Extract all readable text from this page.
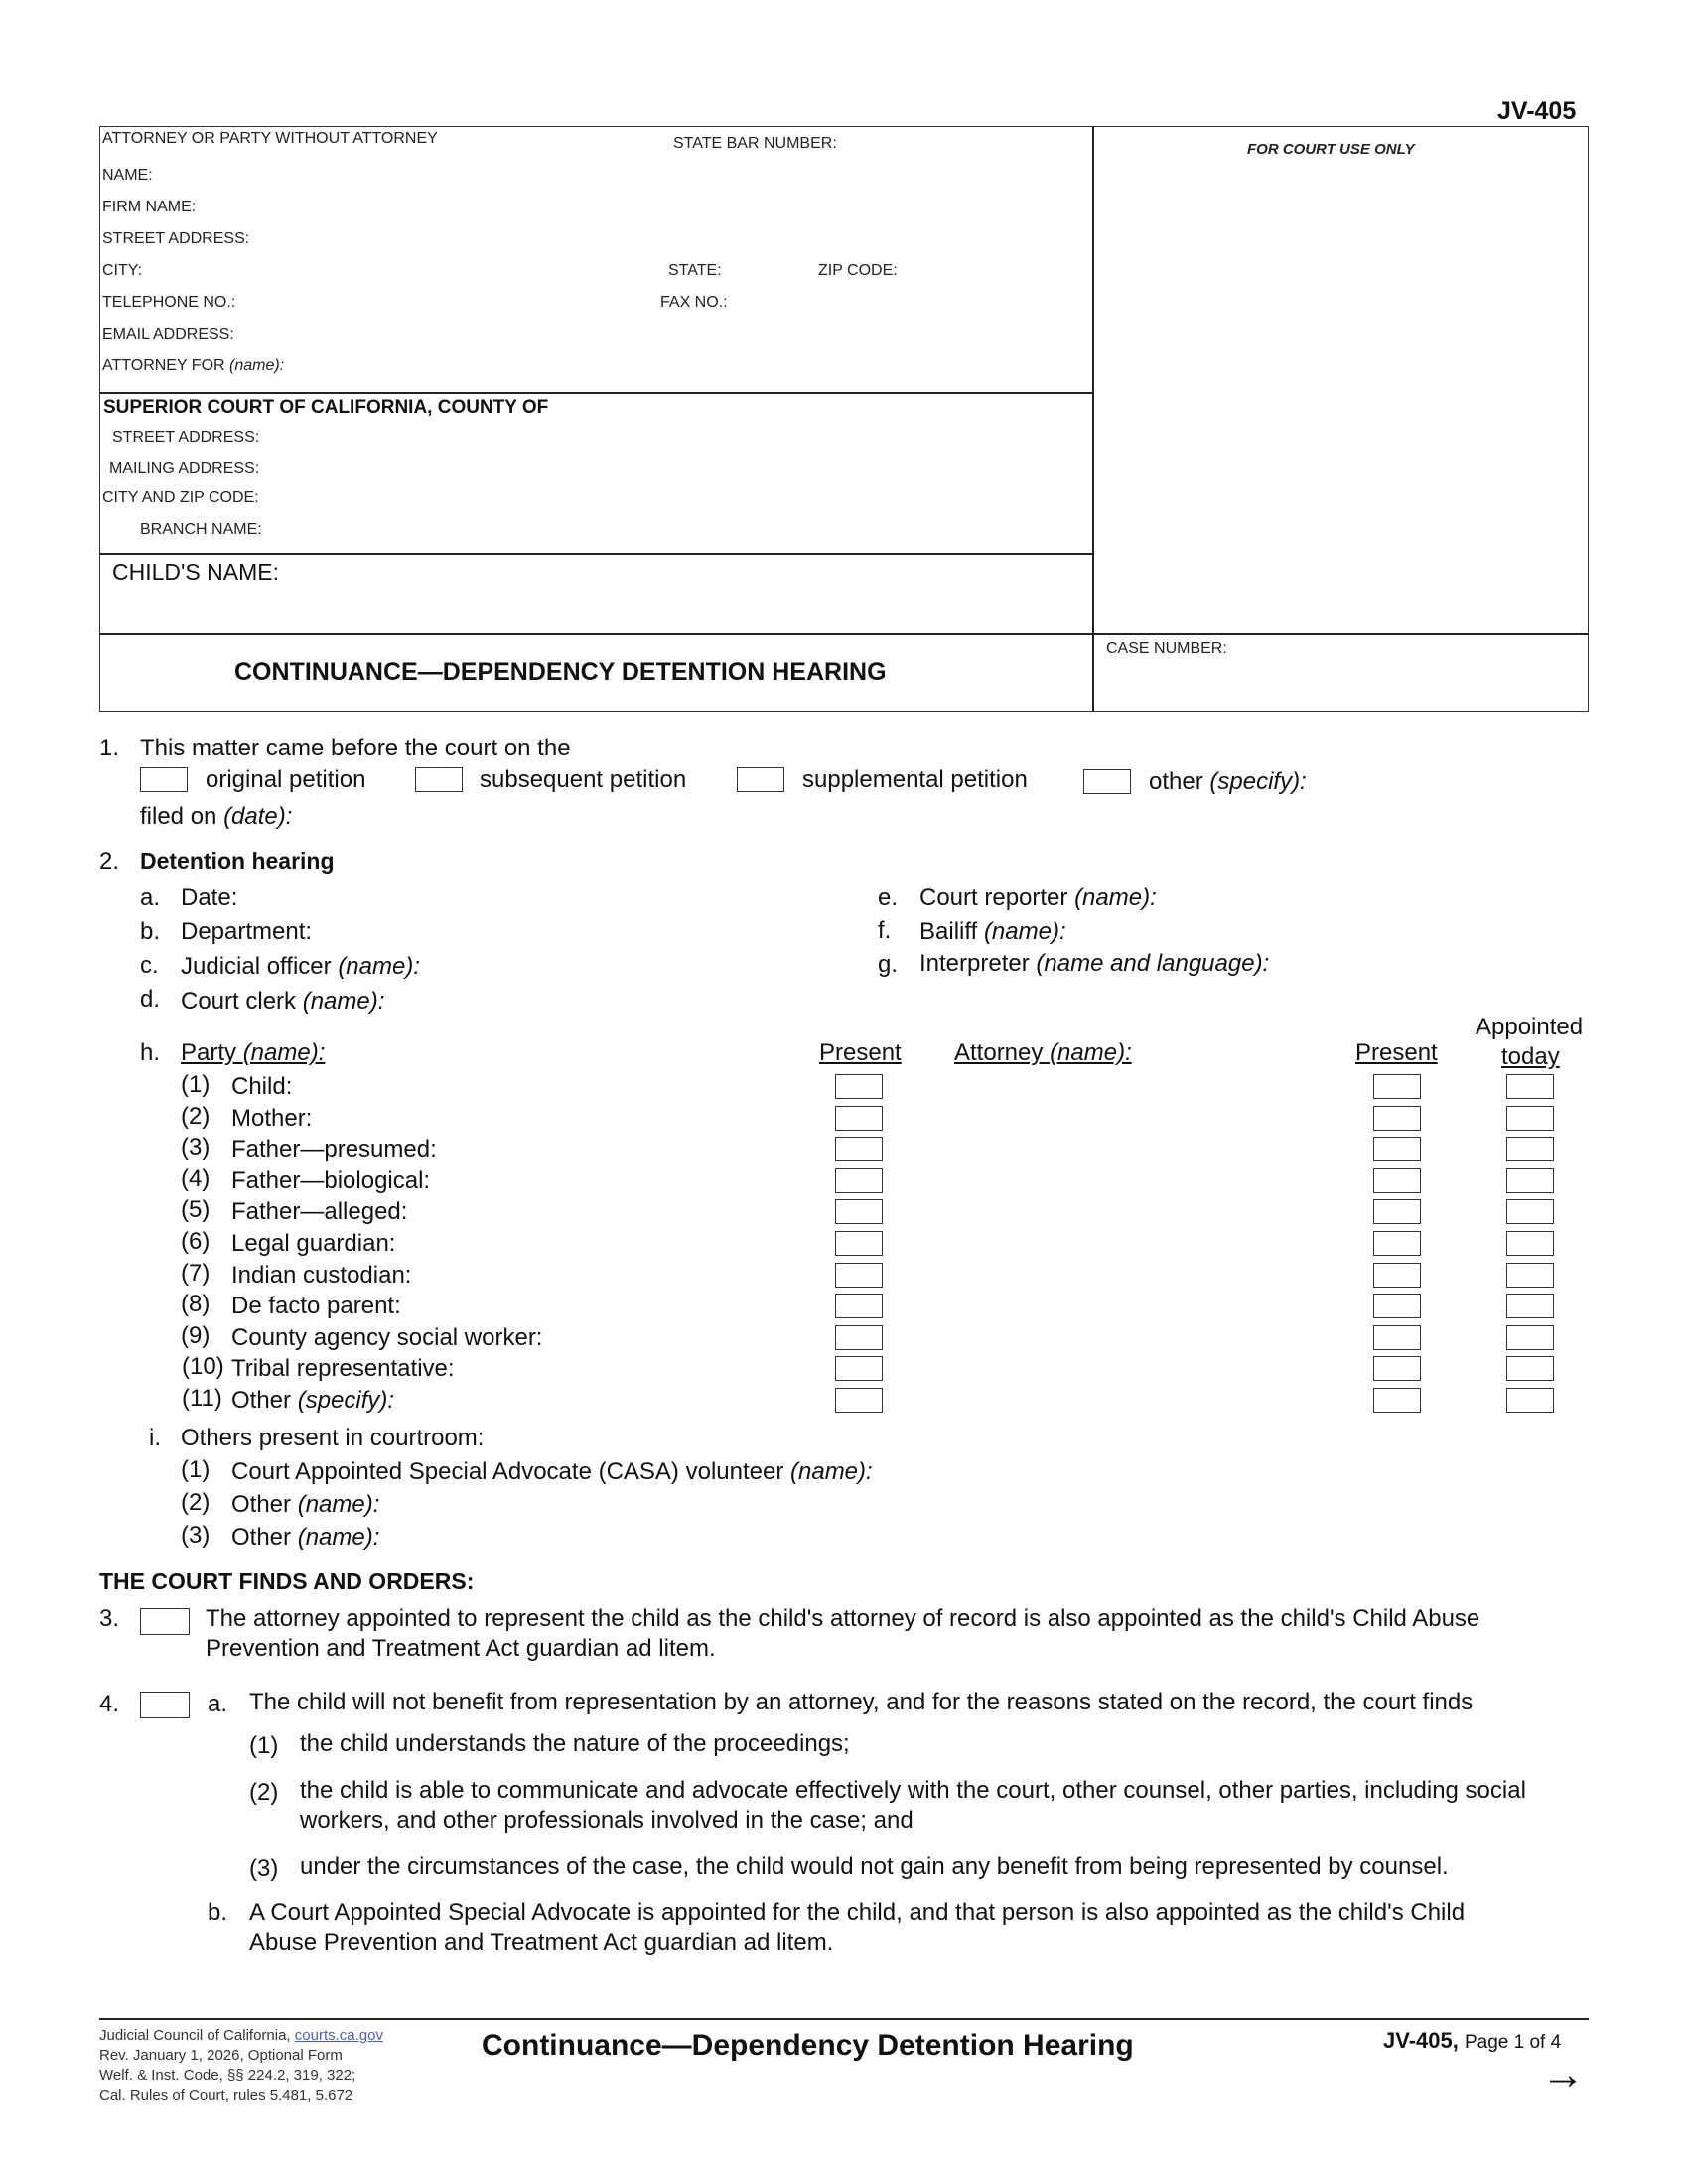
JV-405
ATTORNEY OR PARTY WITHOUT ATTORNEY	STATE BAR NUMBER:	FOR COURT USE ONLY
NAME:
FIRM NAME:
STREET ADDRESS:
CITY:	STATE:	ZIP CODE:
TELEPHONE NO.:	FAX NO.:
EMAIL ADDRESS:
ATTORNEY FOR (name):
SUPERIOR COURT OF CALIFORNIA, COUNTY OF
STREET ADDRESS:
MAILING ADDRESS:
CITY AND ZIP CODE:
BRANCH NAME:
CHILD'S NAME:
CONTINUANCE—DEPENDENCY DETENTION HEARING
CASE NUMBER:
1. This matter came before the court on the
original petition	subsequent petition	supplemental petition	other (specify):
filed on (date):
2. Detention hearing
a. Date:
b. Department:
c. Judicial officer (name):
d. Court clerk (name):
e. Court reporter (name):
f. Bailiff (name):
g. Interpreter (name and language):
h. Party (name):	Present Attorney (name):	Present
Appointed
today
(1) Child:
(2) Mother:
(3) Father—presumed:
(4) Father—biological:
(5) Father—alleged:
(6) Legal guardian:
(7) Indian custodian:
(8) De facto parent:
(9) County agency social worker:
(10) Tribal representative:
(11) Other (specify):
i. Others present in courtroom:
(1) Court Appointed Special Advocate (CASA) volunteer (name):
(2) Other (name):
(3) Other (name):
THE COURT FINDS AND ORDERS:
3.	The attorney appointed to represent the child as the child's attorney of record is also appointed as the child's Child Abuse
Prevention and Treatment Act guardian ad litem.
4.	a. The child will not benefit from representation by an attorney, and for the reasons stated on the record, the court finds
(1) the child understands the nature of the proceedings;
(2) the child is able to communicate and advocate effectively with the court, other counsel, other parties, including social
workers, and other professionals involved in the case; and
(3) under the circumstances of the case, the child would not gain any benefit from being represented by counsel.
b. A Court Appointed Special Advocate is appointed for the child, and that person is also appointed as the child's Child
Abuse Prevention and Treatment Act guardian ad litem.
Judicial Council of California, courts.ca.gov
Rev. January 1, 2026, Optional Form
Welf. & Inst. Code, §§ 224.2, 319, 322;
Cal. Rules of Court, rules 5.481, 5.672
Continuance—Dependency Detention Hearing	JV-405, Page 1 of 4
→
